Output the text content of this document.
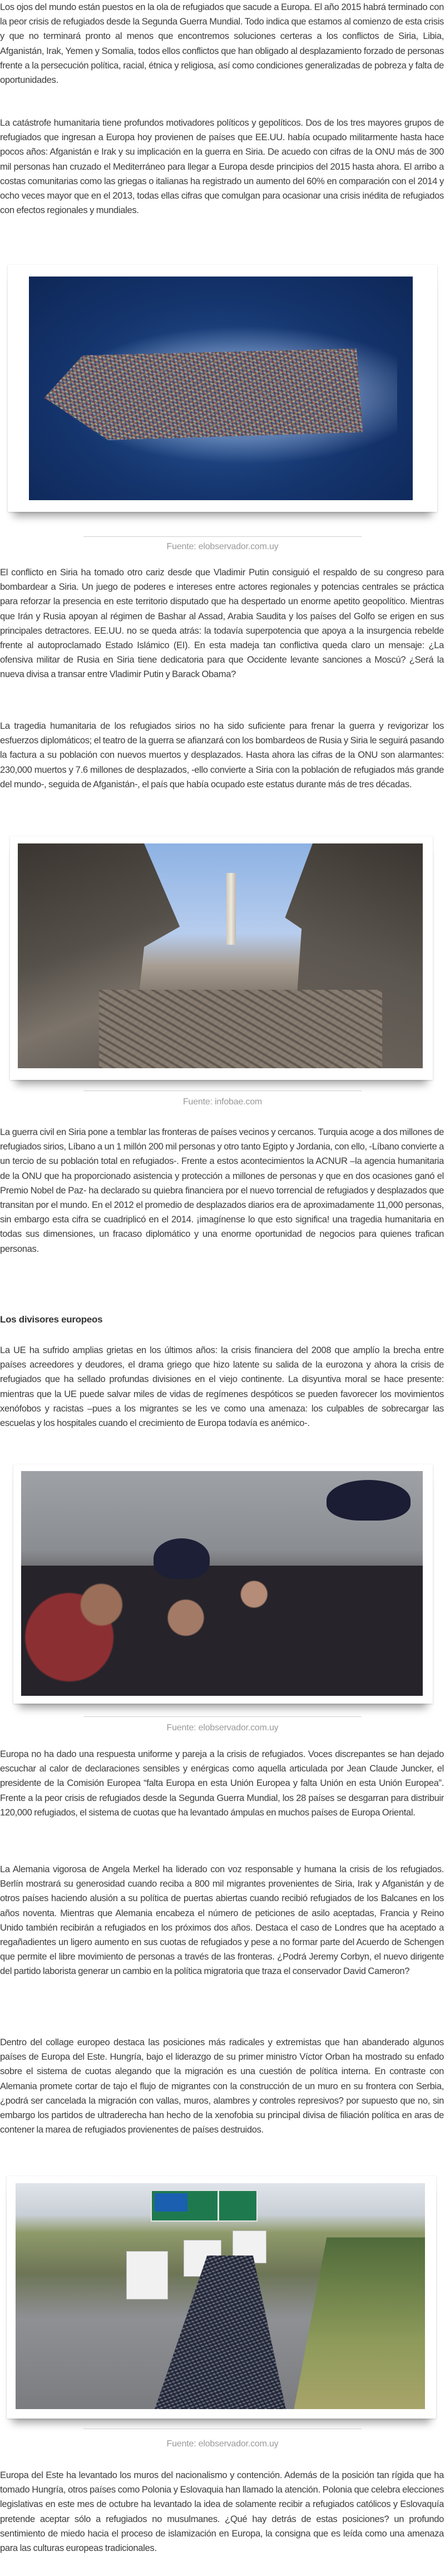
Los ojos del mundo están puestos en la ola de refugiados que sacude a Europa. El año 2015 habrá terminado con la peor crisis de refugiados desde la Segunda Guerra Mundial. Todo indica que estamos al comienzo de esta crisis y que no terminará pronto al menos que encontremos soluciones certeras a los conflictos de Siria, Libia, Afganistán, Irak, Yemen y Somalia, todos ellos conflictos que han obligado al desplazamiento forzado de personas frente a la persecución política, racial, étnica y religiosa, así como condiciones generalizadas de pobreza y falta de oportunidades.

La catástrofe humanitaria tiene profundos motivadores políticos y gepolíticos. Dos de los tres mayores grupos de refugiados que ingresan a Europa hoy provienen de países que EE.UU. había ocupado militarmente hasta hace pocos años: Afganistán e Irak y su implicación en la guerra en Siria. De acuedo con cifras de la ONU más de 300 mil personas han cruzado el Mediterráneo para llegar a Europa desde principios del 2015 hasta ahora. El arribo a costas comunitarias como las griegas o italianas ha registrado un aumento del 60% en comparación con el 2014 y ocho veces mayor que en el 2013, todas ellas cifras que comulgan para ocasionar una crisis inédita de refugiados con efectos regionales y mundiales.

Fuente: elobservador.com.uy

El conflicto en Siria ha tomado otro cariz desde que Vladimir Putin consiguió el respaldo de su congreso para bombardear a Siria. Un juego de poderes e intereses entre actores regionales y potencias centrales se práctica para reforzar la presencia en este territorio disputado que ha despertado un enorme apetito geopolítico. Mientras que Irán y Rusia apoyan al régimen de Bashar al Assad, Arabia Saudita y los países del Golfo se erigen en sus principales detractores. EE.UU. no se queda atrás: la todavía superpotencia que apoya a la insurgencia rebelde frente al autoproclamado Estado Islámico (EI). En esta madeja tan conflictiva queda claro un mensaje: ¿La ofensiva militar de Rusia en Siria tiene dedicatoria para que Occidente levante sanciones a Moscú? ¿Será la nueva divisa a transar entre Vladimir Putin y Barack Obama?

La tragedia humanitaria de los refugiados sirios no ha sido suficiente para frenar la guerra y revigorizar los esfuerzos diplomáticos; el teatro de la guerra se afianzará con los bombardeos de Rusia y Siria le seguirá pasando la factura a su población con nuevos muertos y desplazados. Hasta ahora las cifras de la ONU son alarmantes: 230,000 muertos y 7.6 millones de desplazados, -ello convierte a Siria con la población de refugiados más grande del mundo-, seguida de Afganistán-, el país que había ocupado este estatus durante más de tres décadas.

Fuente: infobae.com

La guerra civil en Siria pone a temblar las fronteras de países vecinos y cercanos. Turquia acoge a dos millones de refugiados sirios, Líbano a un 1 millón 200 mil personas y otro tanto Egipto y Jordania, con ello, -Líbano convierte a un tercio de su población total en refugiados-. Frente a estos acontecimientos la ACNUR –la agencia humanitaria de la ONU que ha proporcionado asistencia y protección a millones de personas y que en dos ocasiones ganó el Premio Nobel de Paz- ha declarado su quiebra financiera por el nuevo torrencial de refugiados y desplazados que transitan por el mundo. En el 2012 el promedio de desplazados diarios era de aproximadamente 11,000 personas, sin embargo esta cifra se cuadriplicó en el 2014. ¡imagínense lo que esto significa! una tragedia humanitaria en todas sus dimensiones, un fracaso diplomático y una enorme oportunidad de negocios para quienes trafican personas.

Los divisores europeos

La UE ha sufrido amplias grietas en los últimos años: la crisis financiera del 2008 que amplío la brecha entre países acreedores y deudores, el drama griego que hizo latente su salida de la eurozona y ahora la crisis de refugiados que ha sellado profundas divisiones en el viejo continente. La disyuntiva moral se hace presente: mientras que la UE puede salvar miles de vidas de regímenes despóticos se pueden favorecer los movimientos xenófobos y racistas –pues a los migrantes se les ve como una amenaza: los culpables de sobrecargar las escuelas y los hospitales cuando el crecimiento de Europa todavía es anémico-.

Fuente: elobservador.com.uy

Europa no ha dado una respuesta uniforme y pareja a la crisis de refugiados. Voces discrepantes se han dejado escuchar al calor de declaraciones sensibles y enérgicas como aquella articulada por Jean Claude Juncker, el presidente de la Comisión Europea “falta Europa en esta Unión Europea y falta Unión en esta Unión Europea”. Frente a la peor crisis de refugiados desde la Segunda Guerra Mundial, los 28 países se desgarran para distribuir 120,000 refugiados, el sistema de cuotas que ha levantado ámpulas en muchos países de Europa Oriental.

La Alemania vigorosa de Angela Merkel ha liderado con voz responsable y humana la crisis de los refugiados. Berlín mostrará su generosidad cuando reciba a 800 mil migrantes provenientes de Siria, Irak y Afganistán y de otros países haciendo alusión a su política de puertas abiertas cuando recibió refugiados de los Balcanes en los años noventa. Mientras que Alemania encabeza el número de peticiones de asilo aceptadas, Francia y Reino Unido también recibirán a refugiados en los próximos dos años. Destaca el caso de Londres que ha aceptado a regañadientes un ligero aumento en sus cuotas de refugiados y pese a no formar parte del Acuerdo de Schengen que permite el libre movimiento de personas a través de las fronteras. ¿Podrá Jeremy Corbyn, el nuevo dirigente del partido laborista generar un cambio en la política migratoria que traza el conservador David Cameron?

Dentro del collage europeo destaca las posiciones más radicales y extremistas que han abanderado algunos países de Europa del Este. Hungría, bajo el liderazgo de su primer ministro Víctor Orban ha mostrado su enfado sobre el sistema de cuotas alegando que la migración es una cuestión de política interna. En contraste con Alemania promete cortar de tajo el flujo de migrantes con la construcción de un muro en su frontera con Serbia, ¿podrá ser cancelada la migración con vallas, muros, alambres y controles represivos? por supuesto que no, sin embargo los partidos de ultraderecha han hecho de la xenofobia su principal divisa de filiación política en aras de contener la marea de refugiados provienentes de países destruidos.

Fuente: elobservador.com.uy

Europa del Este ha levantado los muros del nacionalismo y contención. Además de la posición tan rígida que ha tomado Hungría, otros países como Polonia y Eslovaquia han llamado la atención. Polonia que celebra elecciones legislativas en este mes de octubre ha levantado la idea de solamente recibir a refugiados católicos y Eslovaquía pretende aceptar sólo a refugiados no musulmanes. ¿Qué hay detrás de estas posiciones? un profundo sentimiento de miedo hacia el proceso de islamización en Europa, la consigna que es leída como una amenaza para las culturas europeas tradicionales.
